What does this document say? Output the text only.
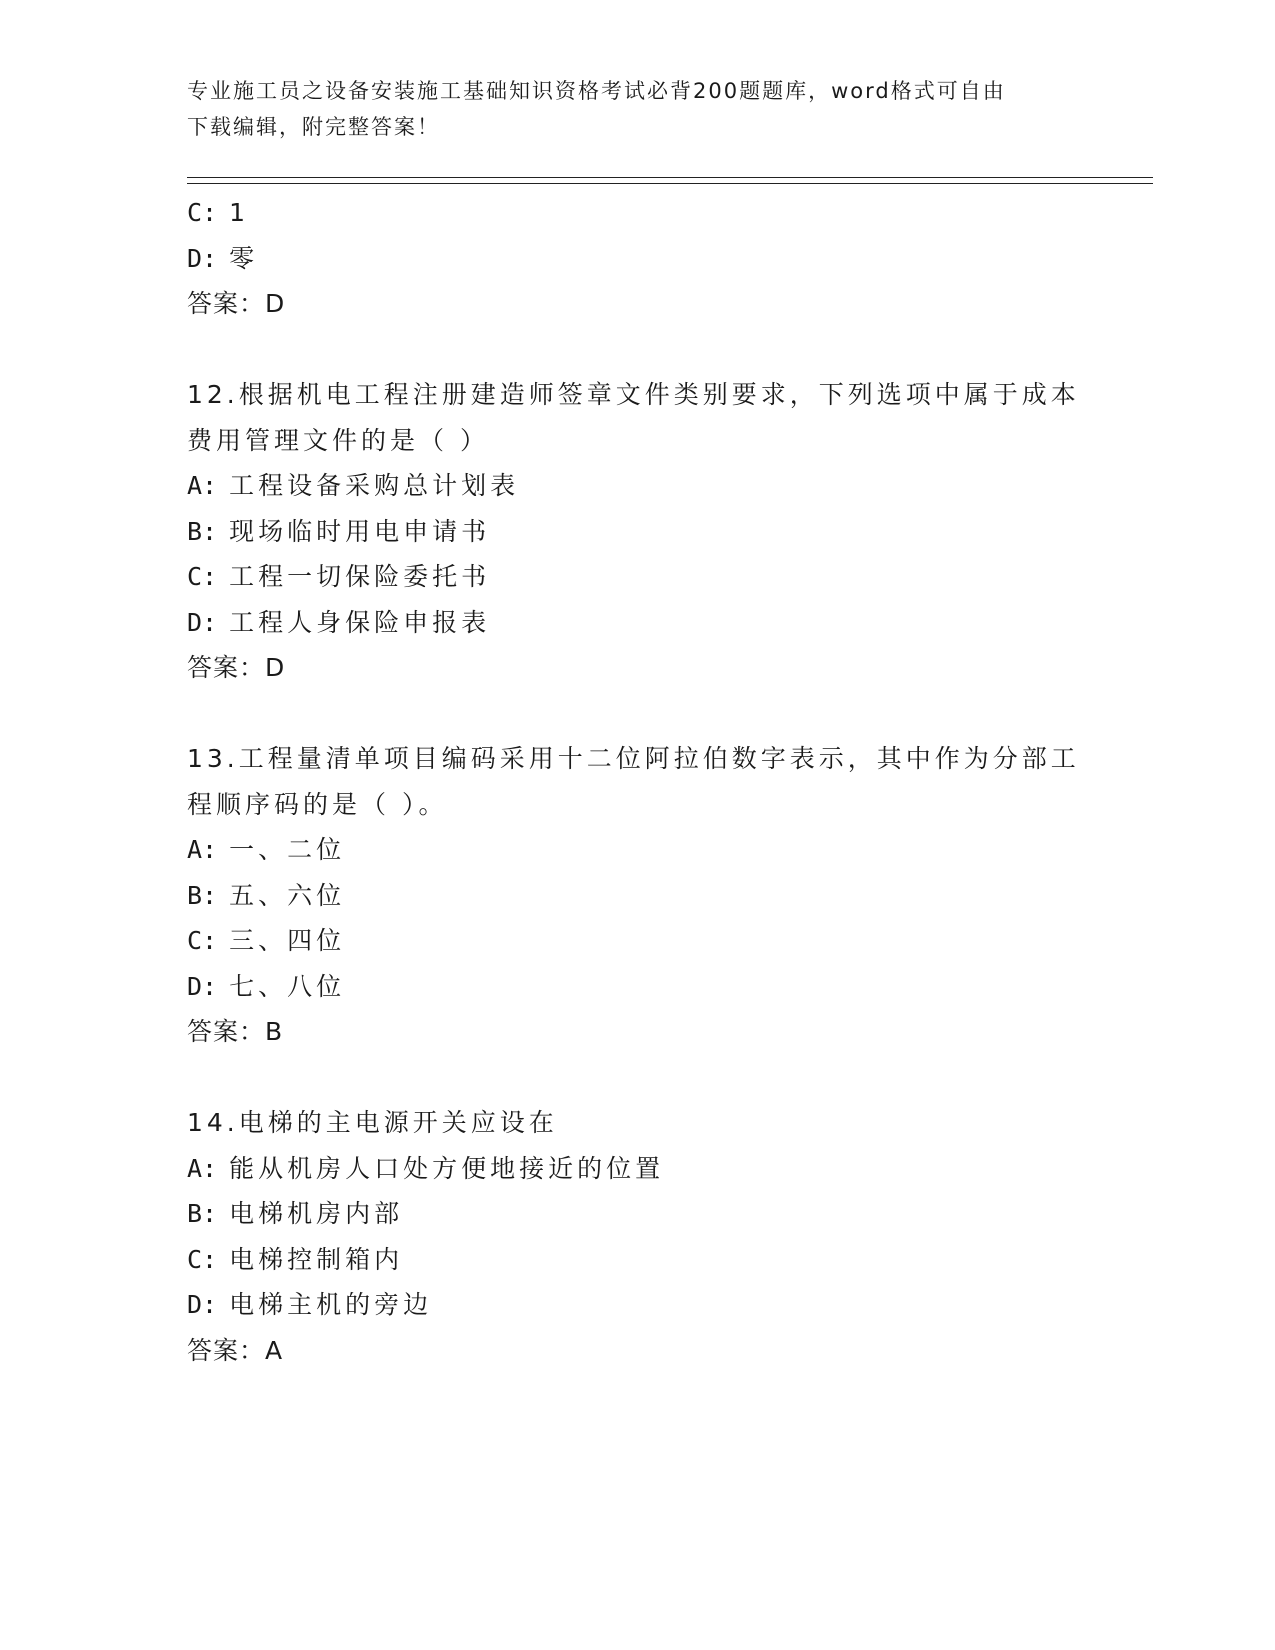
专业施工员之设备安装施工基础知识资格考试必背200题题库，word格式可自由
下载编辑，附完整答案！
C: 1
D: 零
答案：D
12.根据机电工程注册建造师签章文件类别要求，下列选项中属于成本
费用管理文件的是（ ）
A: 工程设备采购总计划表
B: 现场临时用电申请书
C: 工程一切保险委托书
D: 工程人身保险申报表
答案：D
13.工程量清单项目编码采用十二位阿拉伯数字表示，其中作为分部工
程顺序码的是（ ）。
A: 一、二位
B: 五、六位
C: 三、四位
D: 七、八位
答案：B
14.电梯的主电源开关应设在
A: 能从机房人口处方便地接近的位置
B: 电梯机房内部
C: 电梯控制箱内
D: 电梯主机的旁边
答案：A
